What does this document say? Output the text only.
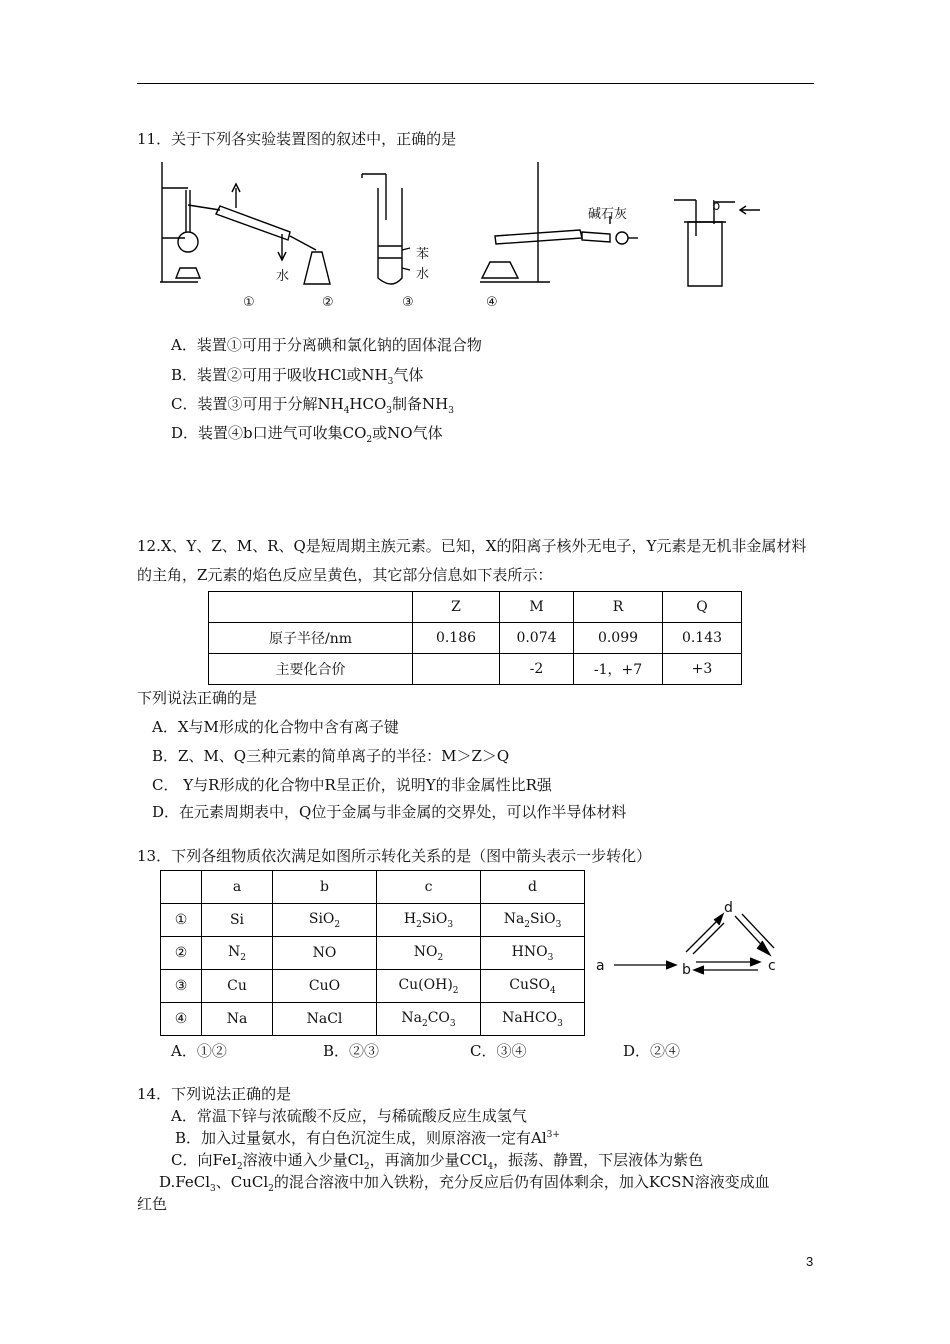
11．关于下列各实验装置图的叙述中，正确的是
水
苯
水
碱石灰
b
①	②	③	④
A．装置①可用于分离碘和氯化钠的固体混合物
B．装置②可用于吸收HCl或$NH_3$气体
C．装置③可用于分解$NH_4HCO_3$制备$NH_3$
D．装置④b口进气可收集$CO_2$或NO气体
12.X、Y、Z、M、R、Q是短周期主族元素。已知，X的阳离子核外无电子，Y元素是无机非金属材料
的主角，Z元素的焰色反应呈黄色，其它部分信息如下表所示：
	Z	M	R	Q
原子半径/nm	0.186	0.074	0.099	0.143
主要化合价		-2	-1，+7	+3
下列说法正确的是
A．X与M形成的化合物中含有离子键
B．Z、M、Q三种元素的简单离子的半径：M＞Z＞Q
C． Y与R形成的化合物中R呈正价，说明Y的非金属性比R强
D．在元素周期表中，Q位于金属与非金属的交界处，可以作半导体材料
13．下列各组物质依次满足如图所示转化关系的是（图中箭头表示一步转化）
	a	b	c	d
①	Si	SiO$_2$	$H_2SiO_3$	$Na_2SiO_3$
②	$N_2$	NO	$NO_2$	$HNO_3$
③	Cu	CuO	$Cu(OH)_2$	CuSO$_4$
④	Na	NaCl	$Na_2CO_3$	NaHCO$_3$
a	b	c
d
A．①②	B．②③	C．③④	D．②④
14．下列说法正确的是
A．常温下锌与浓硫酸不反应，与稀硫酸反应生成氢气
B．加入过量氨水，有白色沉淀生成，则原溶液一定有$Al^{3+}$
C．向FeI$_2$溶液中通入少量$Cl_2$，再滴加少量CCl$_4$，振荡、静置，下层液体为紫色
D.FeCl$_3$、CuCl$_2$的混合溶液中加入铁粉，充分反应后仍有固体剩余，加入KCSN溶液变成血
红色
3
